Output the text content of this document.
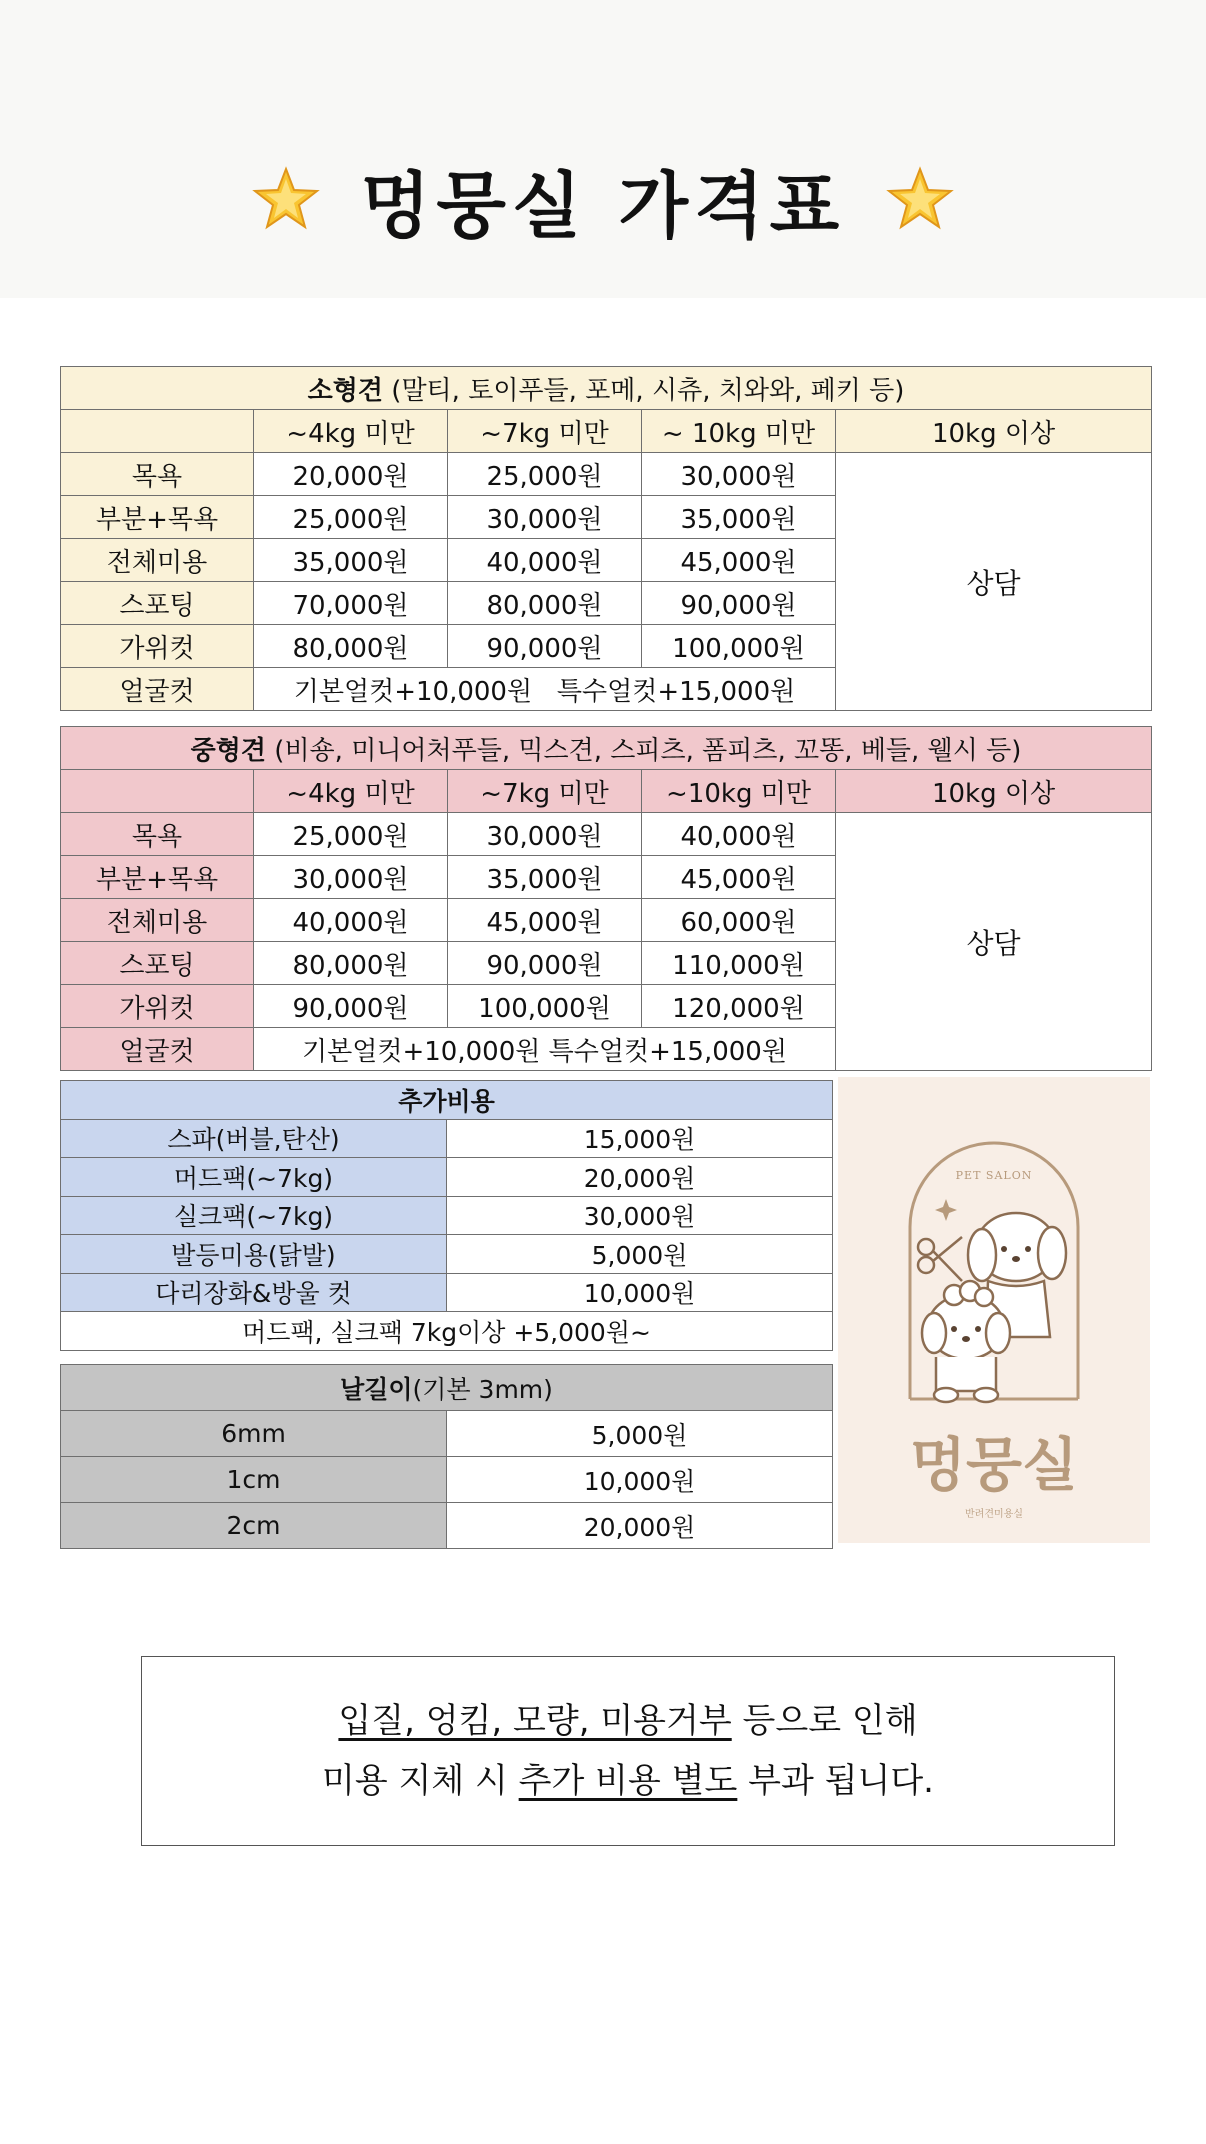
멍뭉실 가격표
소형견 (말티, 토이푸들, 포메, 시츄, 치와와, 페키 등)				
	~4kg 미만	~7kg 미만	~ 10kg 미만	10kg 이상
목욕	20,000원	25,000원	30,000원	상담
부분+목욕	25,000원	30,000원	35,000원	
전체미용	35,000원	40,000원	45,000원	
스포팅	70,000원	80,000원	90,000원	
가위컷	80,000원	90,000원	100,000원	
얼굴컷	기본얼컷+10,000원   특수얼컷+15,000원			
중형견 (비숑, 미니어처푸들, 믹스견, 스피츠, 폼피츠, 꼬똥, 베들, 웰시 등)				
	~4kg 미만	~7kg 미만	~10kg 미만	10kg 이상
목욕	25,000원	30,000원	40,000원	상담
부분+목욕	30,000원	35,000원	45,000원	
전체미용	40,000원	45,000원	60,000원	
스포팅	80,000원	90,000원	110,000원	
가위컷	90,000원	100,000원	120,000원	
얼굴컷	기본얼컷+10,000원 특수얼컷+15,000원			
추가비용	
스파(버블,탄산)	15,000원
머드팩(~7kg)	20,000원
실크팩(~7kg)	30,000원
발등미용(닭발)	5,000원
다리장화&방울 컷	10,000원
머드팩, 실크팩 7kg이상 +5,000원~	
날길이(기본 3mm)	
6mm	5,000원
1cm	10,000원
2cm	20,000원
PET SALON
멍뭉실
반려견미용실
입질, 엉킴, 모량, 미용거부 등으로 인해
미용 지체 시 추가 비용 별도 부과 됩니다.
